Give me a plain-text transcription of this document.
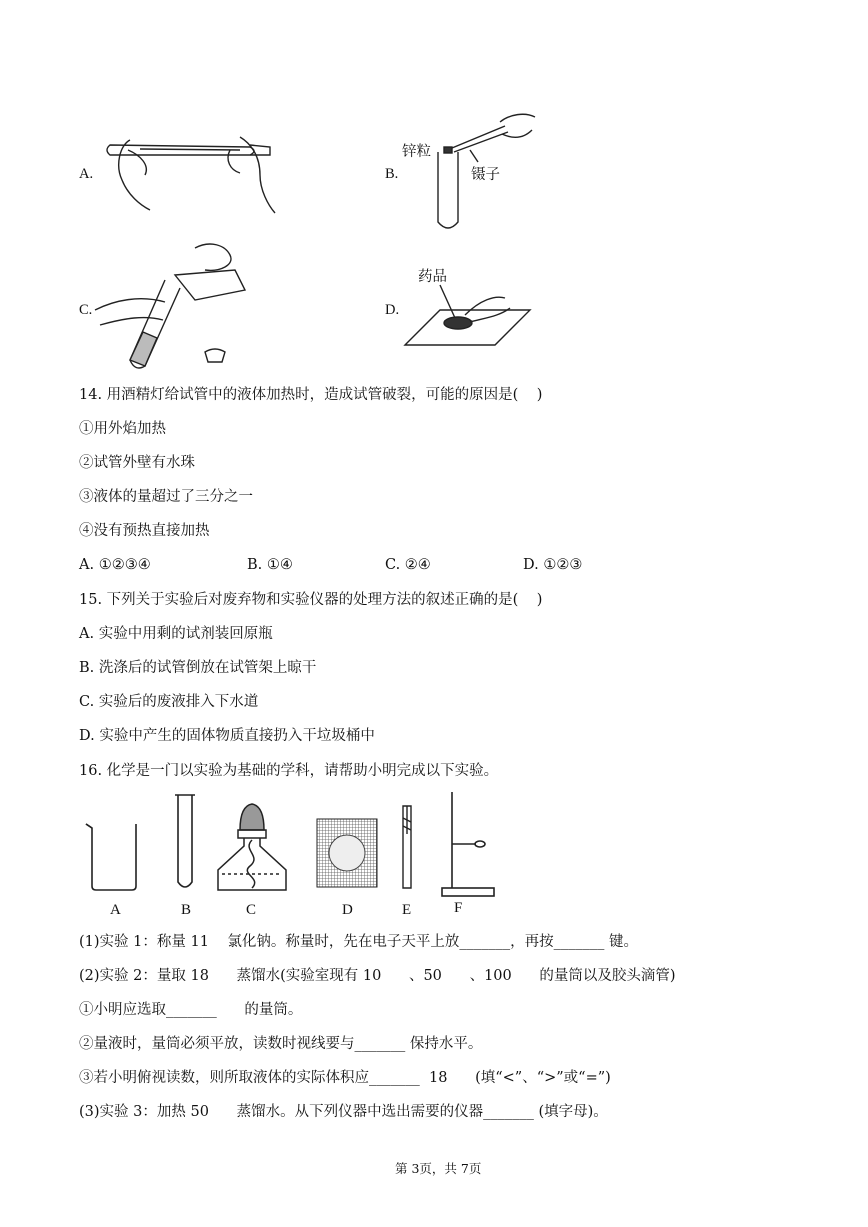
A.	B.
锌粒
镊子
C.	D.
药品
14. 用酒精灯给试管中的液体加热时，造成试管破裂，可能的原因是(    )
①用外焰加热
②试管外壁有水珠
③液体的量超过了三分之一
④没有预热直接加热
A. ①②③④	B. ①④	C. ②④	D. ①②③
15. 下列关于实验后对废弃物和实验仪器的处理方法的叙述正确的是(    )
A. 实验中用剩的试剂装回原瓶
B. 洗涤后的试管倒放在试管架上晾干
C. 实验后的废液排入下水道
D. 实验中产生的固体物质直接扔入干垃圾桶中
16. 化学是一门以实验为基础的学科，请帮助小明完成以下实验。
A	B	C	D	E	F
(1)实验 1：称量 11    氯化钠。称量时，先在电子天平上放_______，再按_______ 键。
(2)实验 2：量取 18      蒸馏水(实验室现有 10      、50      、100      的量筒以及胶头滴管)
①小明应选取_______      的量筒。
②量液时，量筒必须平放，读数时视线要与_______ 保持水平。
③若小明俯视读数，则所取液体的实际体积应_______  18      (填“<”、“>”或“=”)
(3)实验 3：加热 50      蒸馏水。从下列仪器中选出需要的仪器_______ (填字母)。
第 3页，共 7页
